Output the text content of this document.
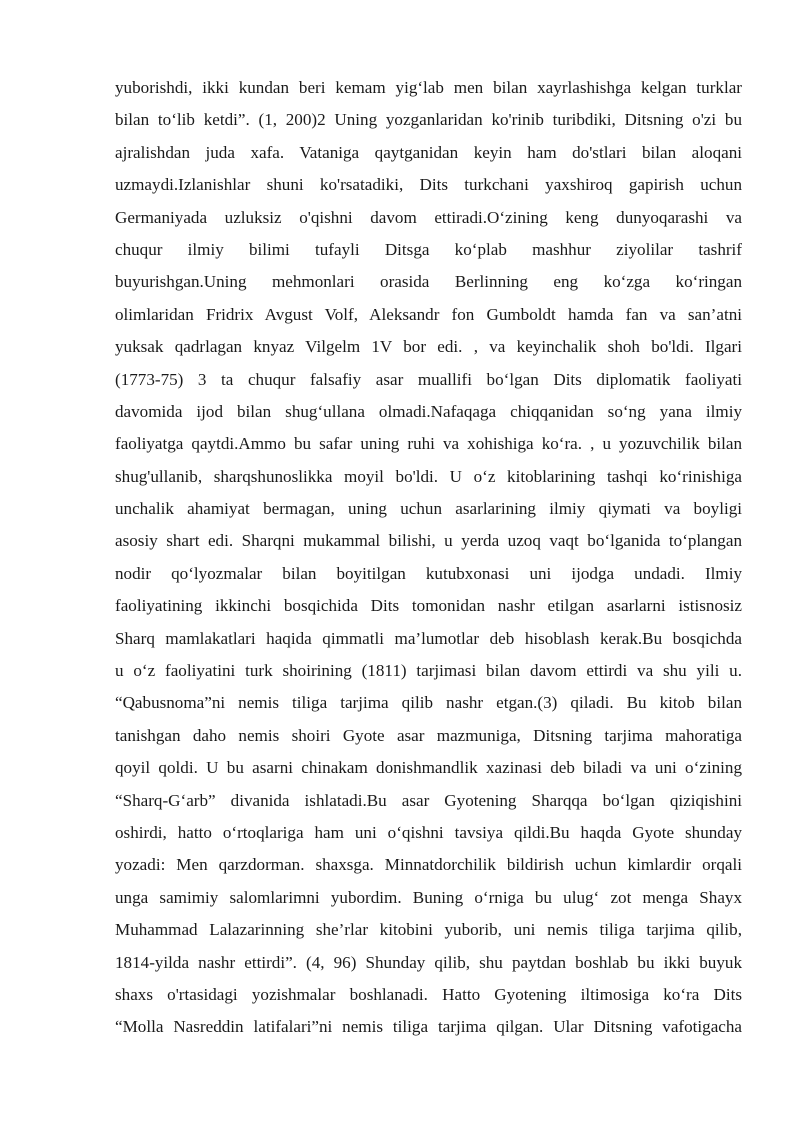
yuborishdi, ikki kundan beri kemam yig‘lab men bilan xayrlashishga kelgan turklar
bilan to‘lib ketdi”. (1, 200)2 Uning yozganlaridan ko'rinib turibdiki, Ditsning o'zi bu
ajralishdan juda xafa. Vataniga qaytganidan keyin ham do'stlari bilan aloqani
uzmaydi.Izlanishlar shuni ko'rsatadiki, Dits turkchani yaxshiroq gapirish uchun
Germaniyada uzluksiz o'qishni davom ettiradi.O‘zining keng dunyoqarashi va
chuqur ilmiy bilimi tufayli Ditsga ko‘plab mashhur ziyolilar tashrif
buyurishgan.Uning mehmonlari orasida Berlinning eng ko‘zga ko‘ringan
olimlaridan Fridrix Avgust Volf, Aleksandr fon Gumboldt hamda fan va san’atni
yuksak qadrlagan knyaz Vilgelm 1V bor edi. , va keyinchalik shoh bo'ldi. Ilgari
(1773-75) 3 ta chuqur falsafiy asar muallifi bo‘lgan Dits diplomatik faoliyati
davomida ijod bilan shug‘ullana olmadi.Nafaqaga chiqqanidan so‘ng yana ilmiy
faoliyatga qaytdi.Ammo bu safar uning ruhi va xohishiga ko‘ra. , u yozuvchilik bilan
shug'ullanib, sharqshunoslikka moyil bo'ldi. U o‘z kitoblarining tashqi ko‘rinishiga
unchalik ahamiyat bermagan, uning uchun asarlarining ilmiy qiymati va boyligi
asosiy shart edi. Sharqni mukammal bilishi, u yerda uzoq vaqt bo‘lganida to‘plangan
nodir qo‘lyozmalar bilan boyitilgan kutubxonasi uni ijodga undadi. Ilmiy
faoliyatining ikkinchi bosqichida Dits tomonidan nashr etilgan asarlarni istisnosiz
Sharq mamlakatlari haqida qimmatli ma’lumotlar deb hisoblash kerak.Bu bosqichda
u o‘z faoliyatini turk shoirining (1811) tarjimasi bilan davom ettirdi va shu yili u.
“Qabusnoma”ni nemis tiliga tarjima qilib nashr etgan.(3) qiladi. Bu kitob bilan
tanishgan daho nemis shoiri Gyote asar mazmuniga, Ditsning tarjima mahoratiga
qoyil qoldi. U bu asarni chinakam donishmandlik xazinasi deb biladi va uni o‘zining
“Sharq-G‘arb” divanida ishlatadi.Bu asar Gyotening Sharqqa bo‘lgan qiziqishini
oshirdi, hatto o‘rtoqlariga ham uni o‘qishni tavsiya qildi.Bu haqda Gyote shunday
yozadi: Men qarzdorman. shaxsga. Minnatdorchilik bildirish uchun kimlardir orqali
unga samimiy salomlarimni yubordim. Buning o‘rniga bu ulug‘ zot menga Shayx
Muhammad Lalazarinning she’rlar kitobini yuborib, uni nemis tiliga tarjima qilib,
1814-yilda nashr ettirdi”. (4, 96) Shunday qilib, shu paytdan boshlab bu ikki buyuk
shaxs o'rtasidagi yozishmalar boshlanadi. Hatto Gyotening iltimosiga ko‘ra Dits
“Molla Nasreddin latifalari”ni nemis tiliga tarjima qilgan. Ular Ditsning vafotigacha
